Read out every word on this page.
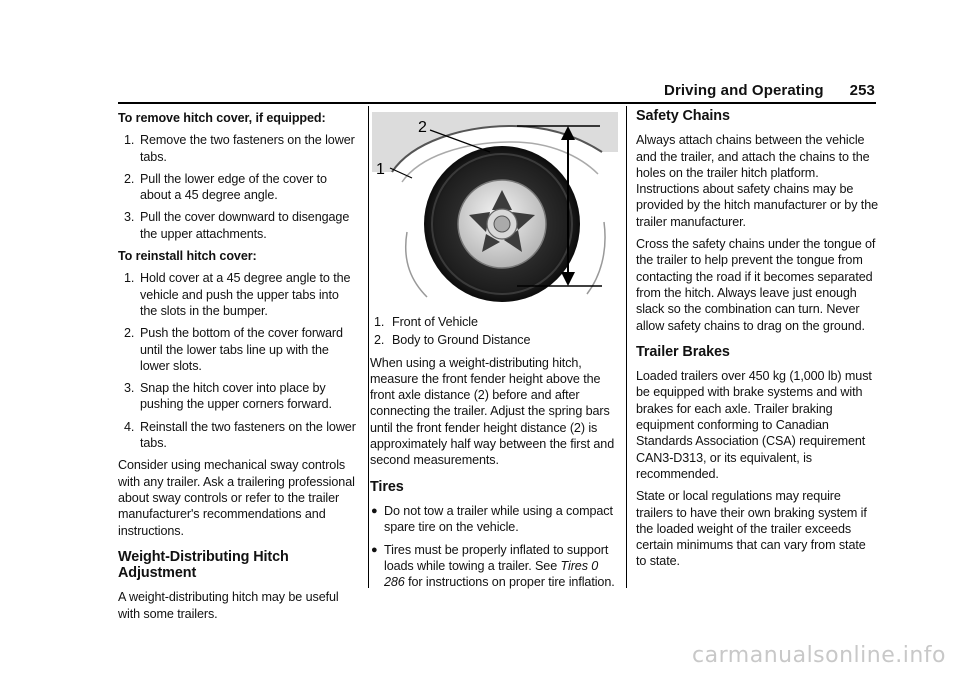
Driving and Operating 253

To remove hitch cover, if equipped:

1. Remove the two fasteners on the lower tabs.
2. Pull the lower edge of the cover to about a 45 degree angle.
3. Pull the cover downward to disengage the upper attachments.

To reinstall hitch cover:

1. Hold cover at a 45 degree angle to the vehicle and push the upper tabs into the slots in the bumper.
2. Push the bottom of the cover forward until the lower tabs line up with the lower slots.
3. Snap the hitch cover into place by pushing the upper corners forward.
4. Reinstall the two fasteners on the lower tabs.

Consider using mechanical sway controls with any trailer. Ask a trailering professional about sway controls or refer to the trailer manufacturer's recommendations and instructions.

Weight-Distributing Hitch Adjustment

A weight-distributing hitch may be useful with some trailers.

2
1
1. Front of Vehicle
2. Body to Ground Distance

When using a weight-distributing hitch, measure the front fender height above the front axle distance (2) before and after connecting the trailer. Adjust the spring bars until the front fender height distance (2) is approximately half way between the first and second measurements.

Tires
● Do not tow a trailer while using a compact spare tire on the vehicle.
● Tires must be properly inflated to support loads while towing a trailer. See Tires 0 286 for instructions on proper tire inflation.
Safety Chains

Always attach chains between the vehicle and the trailer, and attach the chains to the holes on the trailer hitch platform. Instructions about safety chains may be provided by the hitch manufacturer or by the trailer manufacturer.

Cross the safety chains under the tongue of the trailer to help prevent the tongue from contacting the road if it becomes separated from the hitch. Always leave just enough slack so the combination can turn. Never allow safety chains to drag on the ground.

Trailer Brakes

Loaded trailers over 450 kg (1,000 lb) must be equipped with brake systems and with brakes for each axle. Trailer braking equipment conforming to Canadian Standards Association (CSA) requirement CAN3-D313, or its equivalent, is recommended.

State or local regulations may require trailers to have their own braking system if the loaded weight of the trailer exceeds certain minimums that can vary from state to state.

carmanualsonline.info
